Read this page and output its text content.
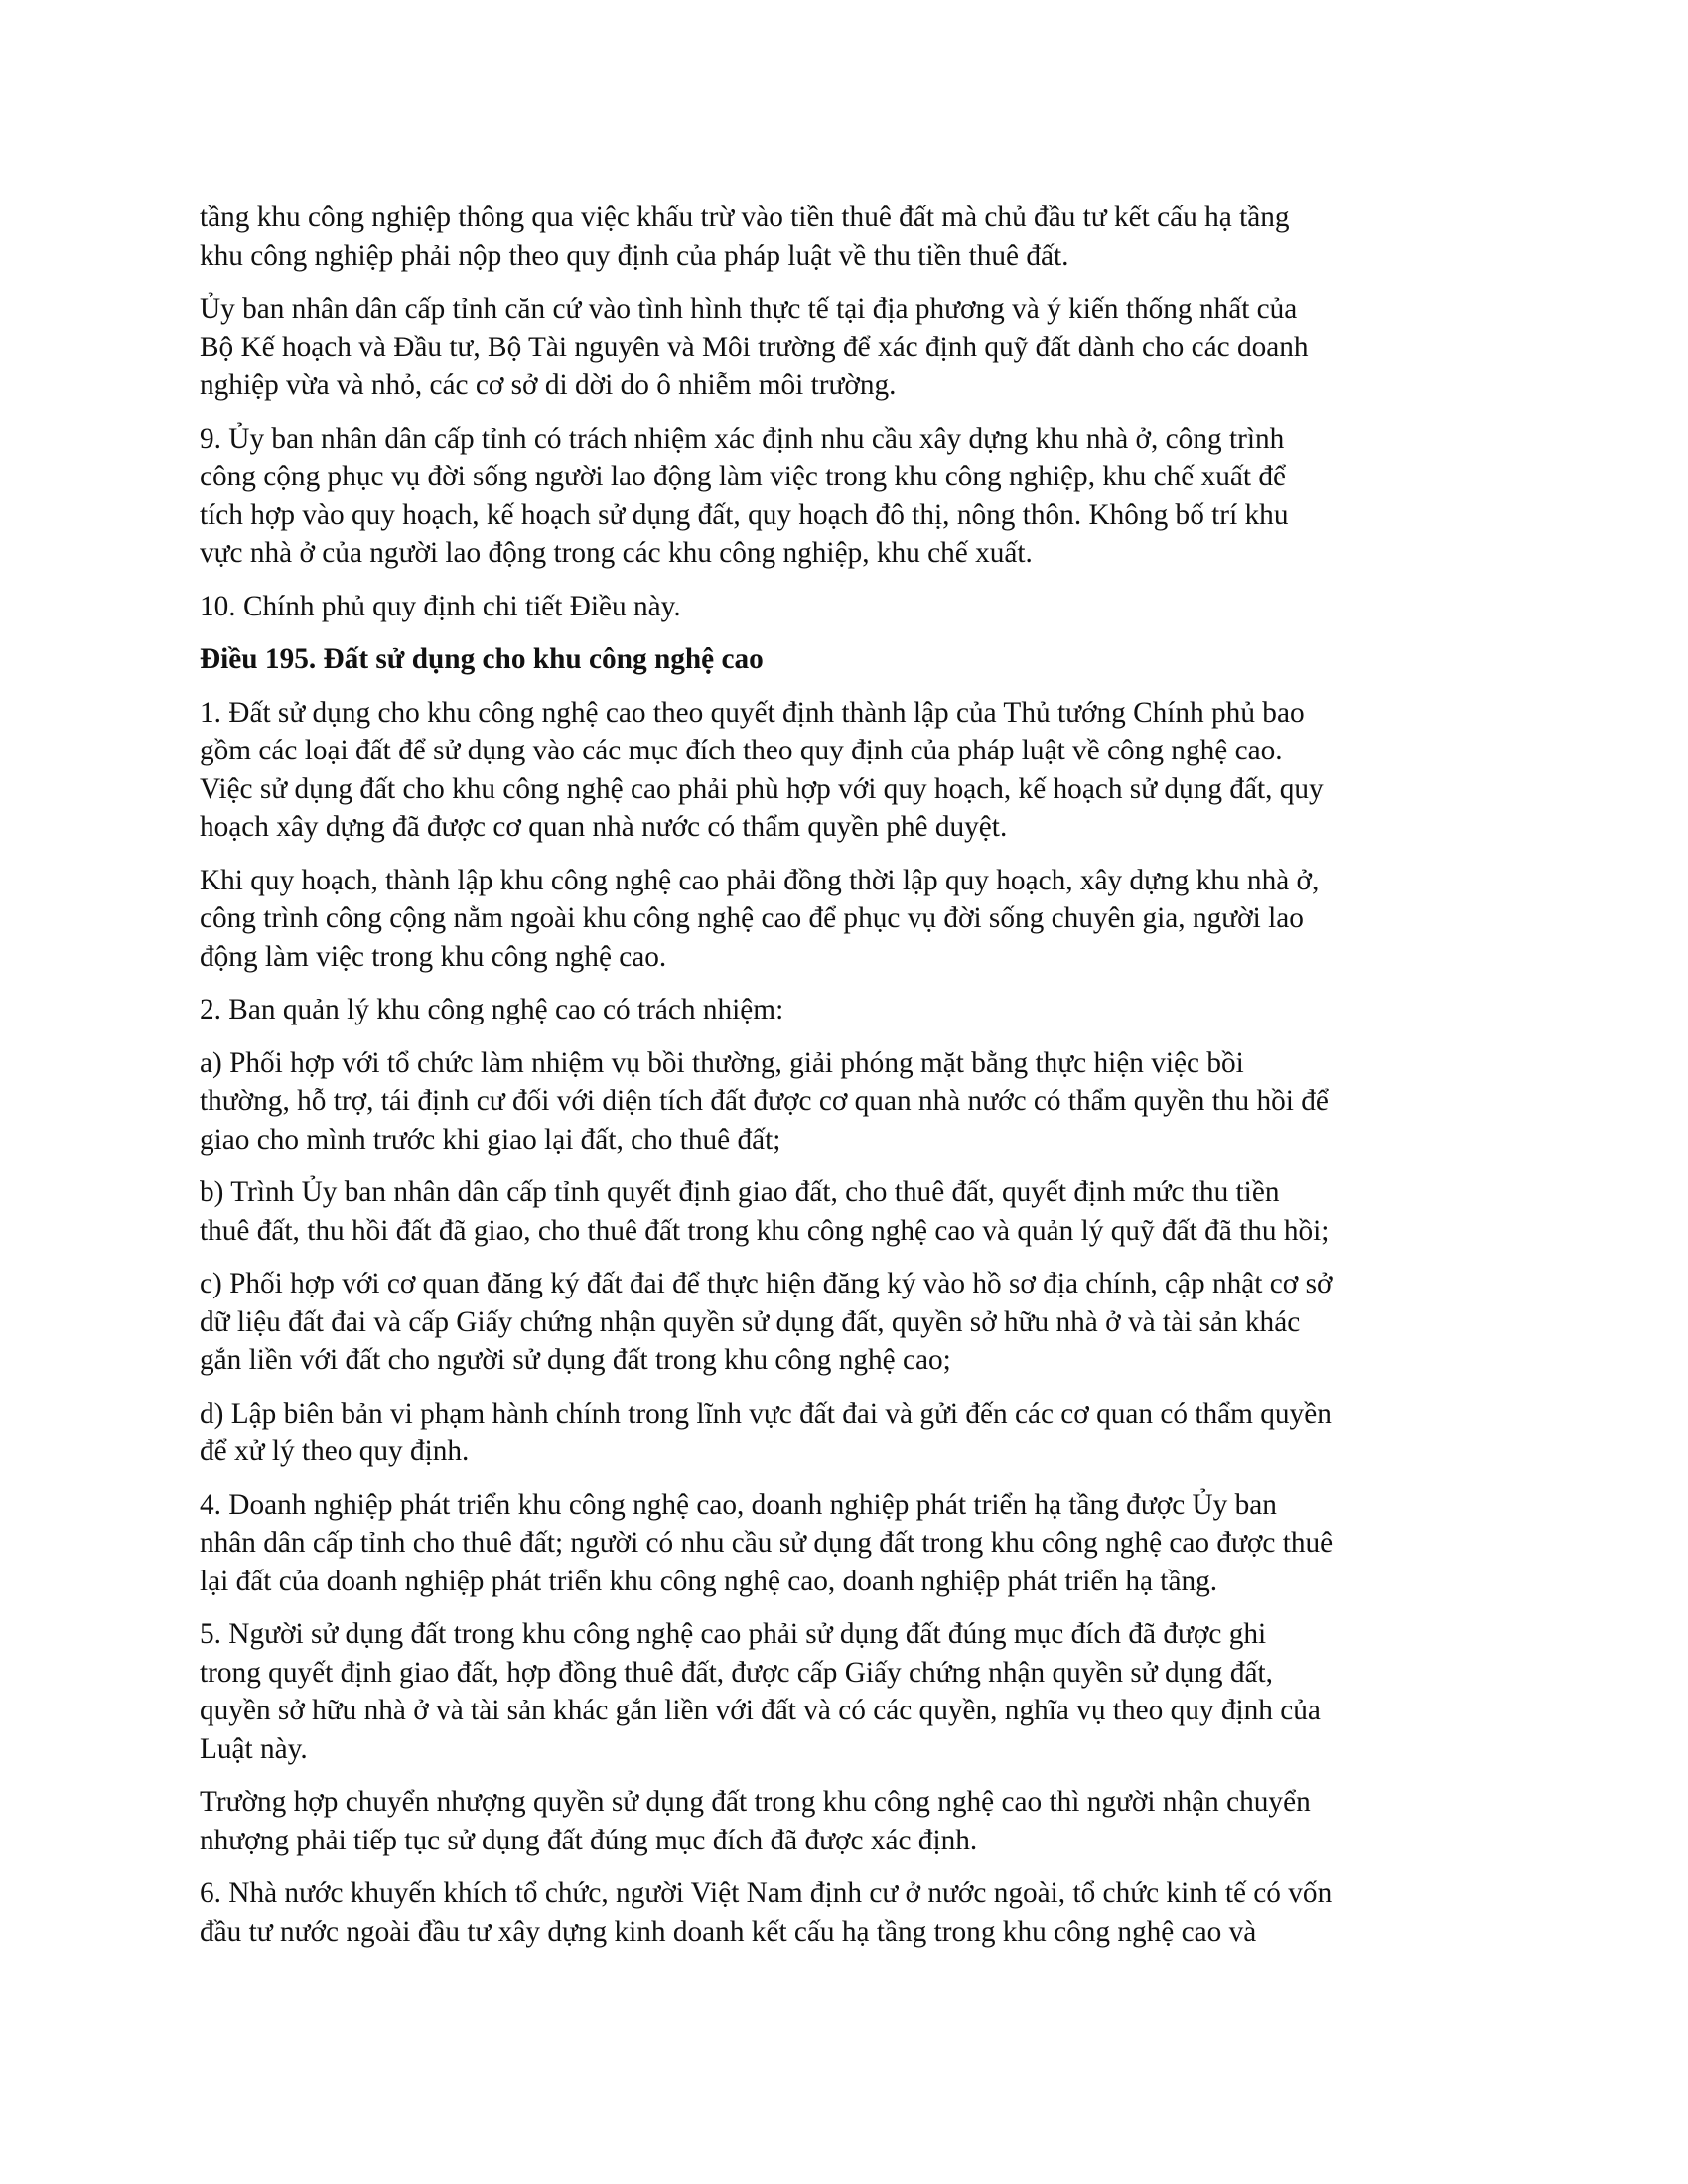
tầng khu công nghiệp thông qua việc khấu trừ vào tiền thuê đất mà chủ đầu tư kết cấu hạ tầng
khu công nghiệp phải nộp theo quy định của pháp luật về thu tiền thuê đất.

Ủy ban nhân dân cấp tỉnh căn cứ vào tình hình thực tế tại địa phương và ý kiến thống nhất của
Bộ Kế hoạch và Đầu tư, Bộ Tài nguyên và Môi trường để xác định quỹ đất dành cho các doanh
nghiệp vừa và nhỏ, các cơ sở di dời do ô nhiễm môi trường.

9. Ủy ban nhân dân cấp tỉnh có trách nhiệm xác định nhu cầu xây dựng khu nhà ở, công trình
công cộng phục vụ đời sống người lao động làm việc trong khu công nghiệp, khu chế xuất để
tích hợp vào quy hoạch, kế hoạch sử dụng đất, quy hoạch đô thị, nông thôn. Không bố trí khu
vực nhà ở của người lao động trong các khu công nghiệp, khu chế xuất.

10. Chính phủ quy định chi tiết Điều này.

Điều 195. Đất sử dụng cho khu công nghệ cao

1. Đất sử dụng cho khu công nghệ cao theo quyết định thành lập của Thủ tướng Chính phủ bao
gồm các loại đất để sử dụng vào các mục đích theo quy định của pháp luật về công nghệ cao.
Việc sử dụng đất cho khu công nghệ cao phải phù hợp với quy hoạch, kế hoạch sử dụng đất, quy
hoạch xây dựng đã được cơ quan nhà nước có thẩm quyền phê duyệt.

Khi quy hoạch, thành lập khu công nghệ cao phải đồng thời lập quy hoạch, xây dựng khu nhà ở,
công trình công cộng nằm ngoài khu công nghệ cao để phục vụ đời sống chuyên gia, người lao
động làm việc trong khu công nghệ cao.

2. Ban quản lý khu công nghệ cao có trách nhiệm:

a) Phối hợp với tổ chức làm nhiệm vụ bồi thường, giải phóng mặt bằng thực hiện việc bồi
thường, hỗ trợ, tái định cư đối với diện tích đất được cơ quan nhà nước có thẩm quyền thu hồi để
giao cho mình trước khi giao lại đất, cho thuê đất;

b) Trình Ủy ban nhân dân cấp tỉnh quyết định giao đất, cho thuê đất, quyết định mức thu tiền
thuê đất, thu hồi đất đã giao, cho thuê đất trong khu công nghệ cao và quản lý quỹ đất đã thu hồi;

c) Phối hợp với cơ quan đăng ký đất đai để thực hiện đăng ký vào hồ sơ địa chính, cập nhật cơ sở
dữ liệu đất đai và cấp Giấy chứng nhận quyền sử dụng đất, quyền sở hữu nhà ở và tài sản khác
gắn liền với đất cho người sử dụng đất trong khu công nghệ cao;

d) Lập biên bản vi phạm hành chính trong lĩnh vực đất đai và gửi đến các cơ quan có thẩm quyền
để xử lý theo quy định.

4. Doanh nghiệp phát triển khu công nghệ cao, doanh nghiệp phát triển hạ tầng được Ủy ban
nhân dân cấp tỉnh cho thuê đất; người có nhu cầu sử dụng đất trong khu công nghệ cao được thuê
lại đất của doanh nghiệp phát triển khu công nghệ cao, doanh nghiệp phát triển hạ tầng.

5. Người sử dụng đất trong khu công nghệ cao phải sử dụng đất đúng mục đích đã được ghi
trong quyết định giao đất, hợp đồng thuê đất, được cấp Giấy chứng nhận quyền sử dụng đất,
quyền sở hữu nhà ở và tài sản khác gắn liền với đất và có các quyền, nghĩa vụ theo quy định của
Luật này.

Trường hợp chuyển nhượng quyền sử dụng đất trong khu công nghệ cao thì người nhận chuyển
nhượng phải tiếp tục sử dụng đất đúng mục đích đã được xác định.

6. Nhà nước khuyến khích tổ chức, người Việt Nam định cư ở nước ngoài, tổ chức kinh tế có vốn
đầu tư nước ngoài đầu tư xây dựng kinh doanh kết cấu hạ tầng trong khu công nghệ cao và
